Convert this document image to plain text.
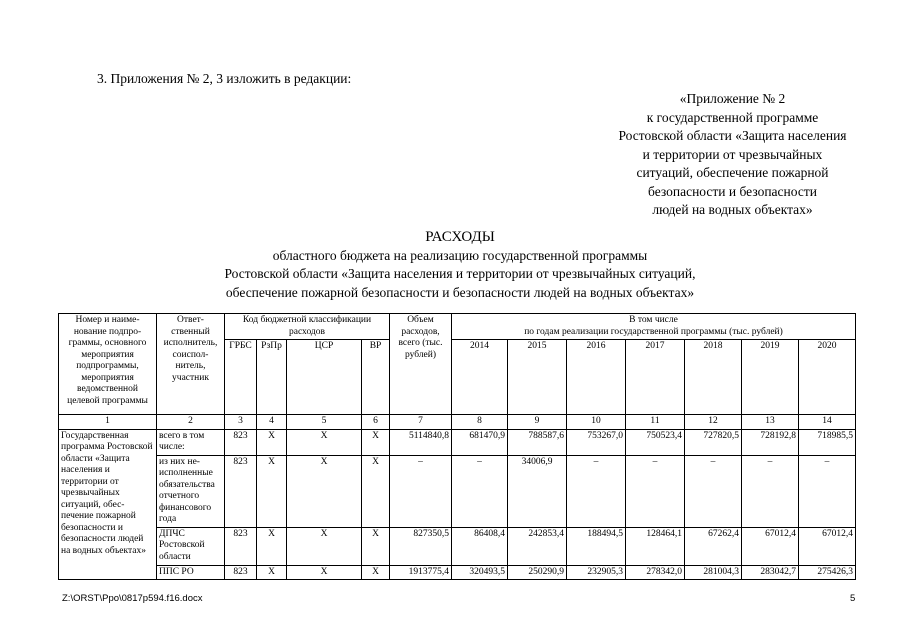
3. Приложения № 2, 3 изложить в редакции:
«Приложение № 2
к государственной программе
Ростовской области «Защита населения
и территории от чрезвычайных
ситуаций, обеспечение пожарной
безопасности и безопасности
людей на водных объектах»
РАСХОДЫ
областного бюджета на реализацию государственной программы
Ростовской области «Защита населения и территории от чрезвычайных ситуаций,
обеспечение пожарной безопасности и безопасности людей на водных объектах»
Номер и наиме-нование подпро-граммы, основного мероприятия подпрограммы, мероприятия ведомственной целевой программы	Ответ-ственный исполнитель, соиспол-нитель, участник	Код бюджетной классификации расходов				Объем расходов, всего (тыс. рублей)	В том числе
по годам реализации государственной программы (тыс. рублей)						

		ГРБС	РзПр	ЦСР	ВР		2014	2015	2016	2017	2018	2019	2020
1	2	3	4	5	6	7	8	9	10	11	12	13	14
Государственная программа Ростовской области «Защита населения и территории от чрезвычайных ситуаций, обес-печение пожарной безопасности и безопасности людей на водных объектах»	всего в том числе:	823	Х	Х	Х	5114840,8	681470,9	788587,6	753267,0	750523,4	727820,5	728192,8	718985,5
	из них не-исполненные обязательства отчетного финансового года	823	Х	Х	Х	–	–	34006,9	–	–	–	–	–
	ДПЧС Ростовской области	823	Х	Х	Х	827350,5	86408,4	242853,4	188494,5	128464,1	67262,4	67012,4	67012,4
	ППС РО	823	Х	Х	Х	1913775,4	320493,5	250290,9	232905,3	278342,0	281004,3	283042,7	275426,3
Z:\ORST\Ppo\0817p594.f16.docx	5
